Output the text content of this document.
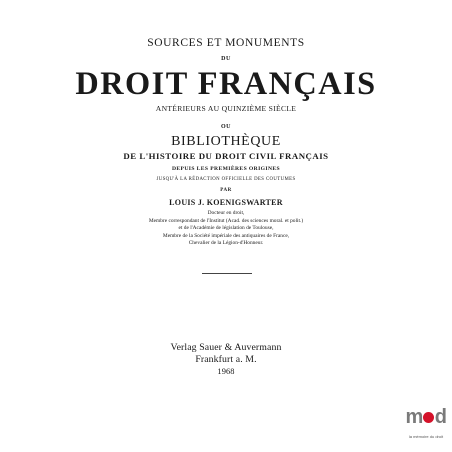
SOURCES ET MONUMENTS
DU
DROIT FRANÇAIS
ANTÉRIEURS AU QUINZIÈME SIÈCLE
OU
BIBLIOTHÈQUE
DE L'HISTOIRE DU DROIT CIVIL FRANÇAIS
DEPUIS LES PREMIÈRES ORIGINES
JUSQU'À LA RÉDACTION OFFICIELLE DES COUTUMES
PAR
LOUIS J. KOENIGSWARTER
Docteur en droit,
Membre correspondant de l'Institut (Acad. des sciences moral. et polit.)
et de l'Académie de législation de Toulouse,
Membre de la Société impériale des antiquaires de France,
Chevalier de la Légion-d'Honneur.
Verlag Sauer & Auvermann
Frankfurt a. M.
1968
m d
la mémoire du droit
